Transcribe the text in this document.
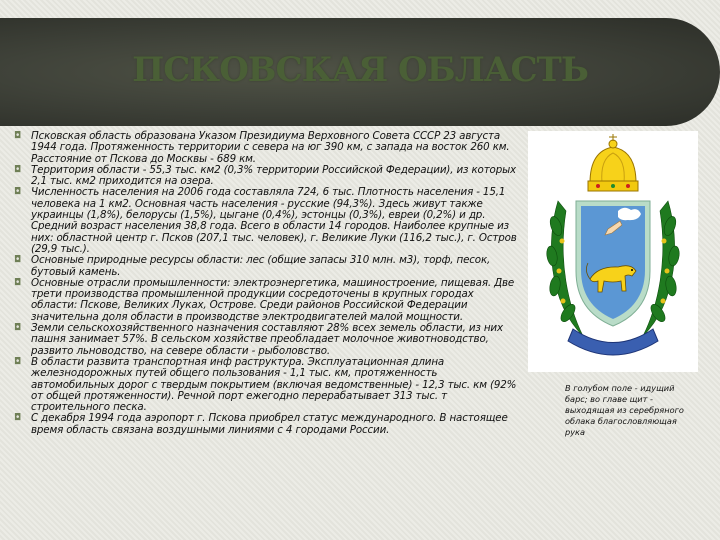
ПСКОВСКАЯ ОБЛАСТЬ
◘ Псковская область образована Указом Президиума Верховного Совета СССР 23 августа 1944 года. Протяженность территории с севера на юг 390 км, с запада на восток 260 км. Расстояние от Пскова до Москвы - 689 км.
◘ Территория области - 55,3 тыс. км2 (0,3% территории Российской Федерации), из которых 2,1 тыс. км2 приходится на озера.
◘ Численность населения на 2006 года составляла 724, 6 тыс. Плотность населения - 15,1 человека на 1 км2. Основная часть населения - русские (94,3%). Здесь живут также украинцы (1,8%), белорусы (1,5%), цыгане (0,4%), эстонцы (0,3%), евреи (0,2%) и др. Средний возраст населения 38,8 года. Всего в области 14 городов. Наиболее крупные из них: областной центр г. Псков (207,1 тыс. человек), г. Великие Луки (116,2 тыс.), г. Остров (29,9 тыс.).
◘ Основные природные ресурсы области: лес (общие запасы 310 млн. м3), торф, песок, бутовый камень.
◘ Основные отрасли промышленности: электроэнергетика, машиностроение, пищевая. Две трети производства промышленной продукции сосредоточены в крупных городах области: Пскове, Великих Луках, Острове. Среди районов Российской Федерации значительна доля области в производстве электродвигателей малой мощности.
◘ Земли сельскохозяйственного назначения составляют 28% всех земель области, из них пашня занимает 57%. В сельском хозяйстве преобладает молочное животноводство, развито льноводство, на севере области - рыболовство.
◘ В области развита транспортная инф раструктура. Эксплуатационная длина железнодорожных путей общего пользования - 1,1 тыс. км, протяженность автомобильных дорог с твердым покрытием (включая ведомственные) - 12,3 тыс. км (92% от общей протяженности). Речной порт ежегодно перерабатывает 313 тыс. т строительного песка.
◘ С декабря 1994 года аэропорт г. Пскова приобрел статус международного. В настоящее время область связана воздушными линиями с 4 городами России.
В голубом поле - идущий барс; во главе щит - выходящая из серебряного облака благословляющая рука
